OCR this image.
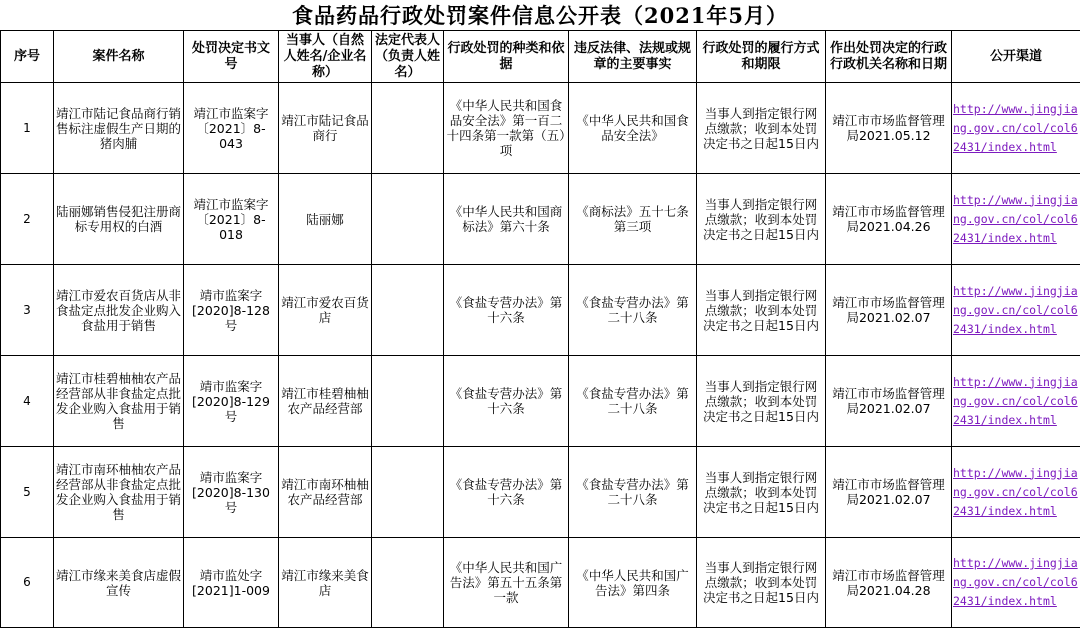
食品药品行政处罚案件信息公开表（2021年5月）
序号	案件名称	处罚决定书文号	当事人（自然人姓名/企业名称）	法定代表人（负责人姓名）	行政处罚的种类和依据	违反法律、法规或规章的主要事实	行政处罚的履行方式和期限	作出处罚决定的行政行政机关名称和日期	公开渠道
1	靖江市陆记食品商行销售标注虚假生产日期的猪肉脯	靖江市监案字〔2021〕8-043	靖江市陆记食品商行		《中华人民共和国食品安全法》第一百二十四条第一款第（五）项	《中华人民共和国食品安全法》	当事人到指定银行网点缴款；收到本处罚决定书之日起15日内	靖江市市场监督管理局2021.05.12	http://www.jingjiang.gov.cn/col/col62431/index.html
2	陆丽娜销售侵犯注册商标专用权的白酒	靖江市监案字〔2021〕8-018	陆丽娜		《中华人民共和国商标法》第六十条	《商标法》五十七条第三项	当事人到指定银行网点缴款；收到本处罚决定书之日起15日内	靖江市市场监督管理局2021.04.26	http://www.jingjiang.gov.cn/col/col62431/index.html
3	靖江市爱农百货店从非食盐定点批发企业购入食盐用于销售	靖市监案字[2020]8-128号	靖江市爱农百货店		《食盐专营办法》第十六条	《食盐专营办法》第二十八条	当事人到指定银行网点缴款；收到本处罚决定书之日起15日内	靖江市市场监督管理局2021.02.07	http://www.jingjiang.gov.cn/col/col62431/index.html
4	靖江市桂碧柚柚农产品经营部从非食盐定点批发企业购入食盐用于销售	靖市监案字[2020]8-129号	靖江市桂碧柚柚农产品经营部		《食盐专营办法》第十六条	《食盐专营办法》第二十八条	当事人到指定银行网点缴款；收到本处罚决定书之日起15日内	靖江市市场监督管理局2021.02.07	http://www.jingjiang.gov.cn/col/col62431/index.html
5	靖江市南环柚柚农产品经营部从非食盐定点批发企业购入食盐用于销售	靖市监案字[2020]8-130号	靖江市南环柚柚农产品经营部		《食盐专营办法》第十六条	《食盐专营办法》第二十八条	当事人到指定银行网点缴款；收到本处罚决定书之日起15日内	靖江市市场监督管理局2021.02.07	http://www.jingjiang.gov.cn/col/col62431/index.html
6	靖江市缘来美食店虚假宣传	靖市监处字[2021]1-009	靖江市缘来美食店		《中华人民共和国广告法》第五十五条第一款	《中华人民共和国广告法》第四条	当事人到指定银行网点缴款；收到本处罚决定书之日起15日内	靖江市市场监督管理局2021.04.28	http://www.jingjiang.gov.cn/col/col62431/index.html
